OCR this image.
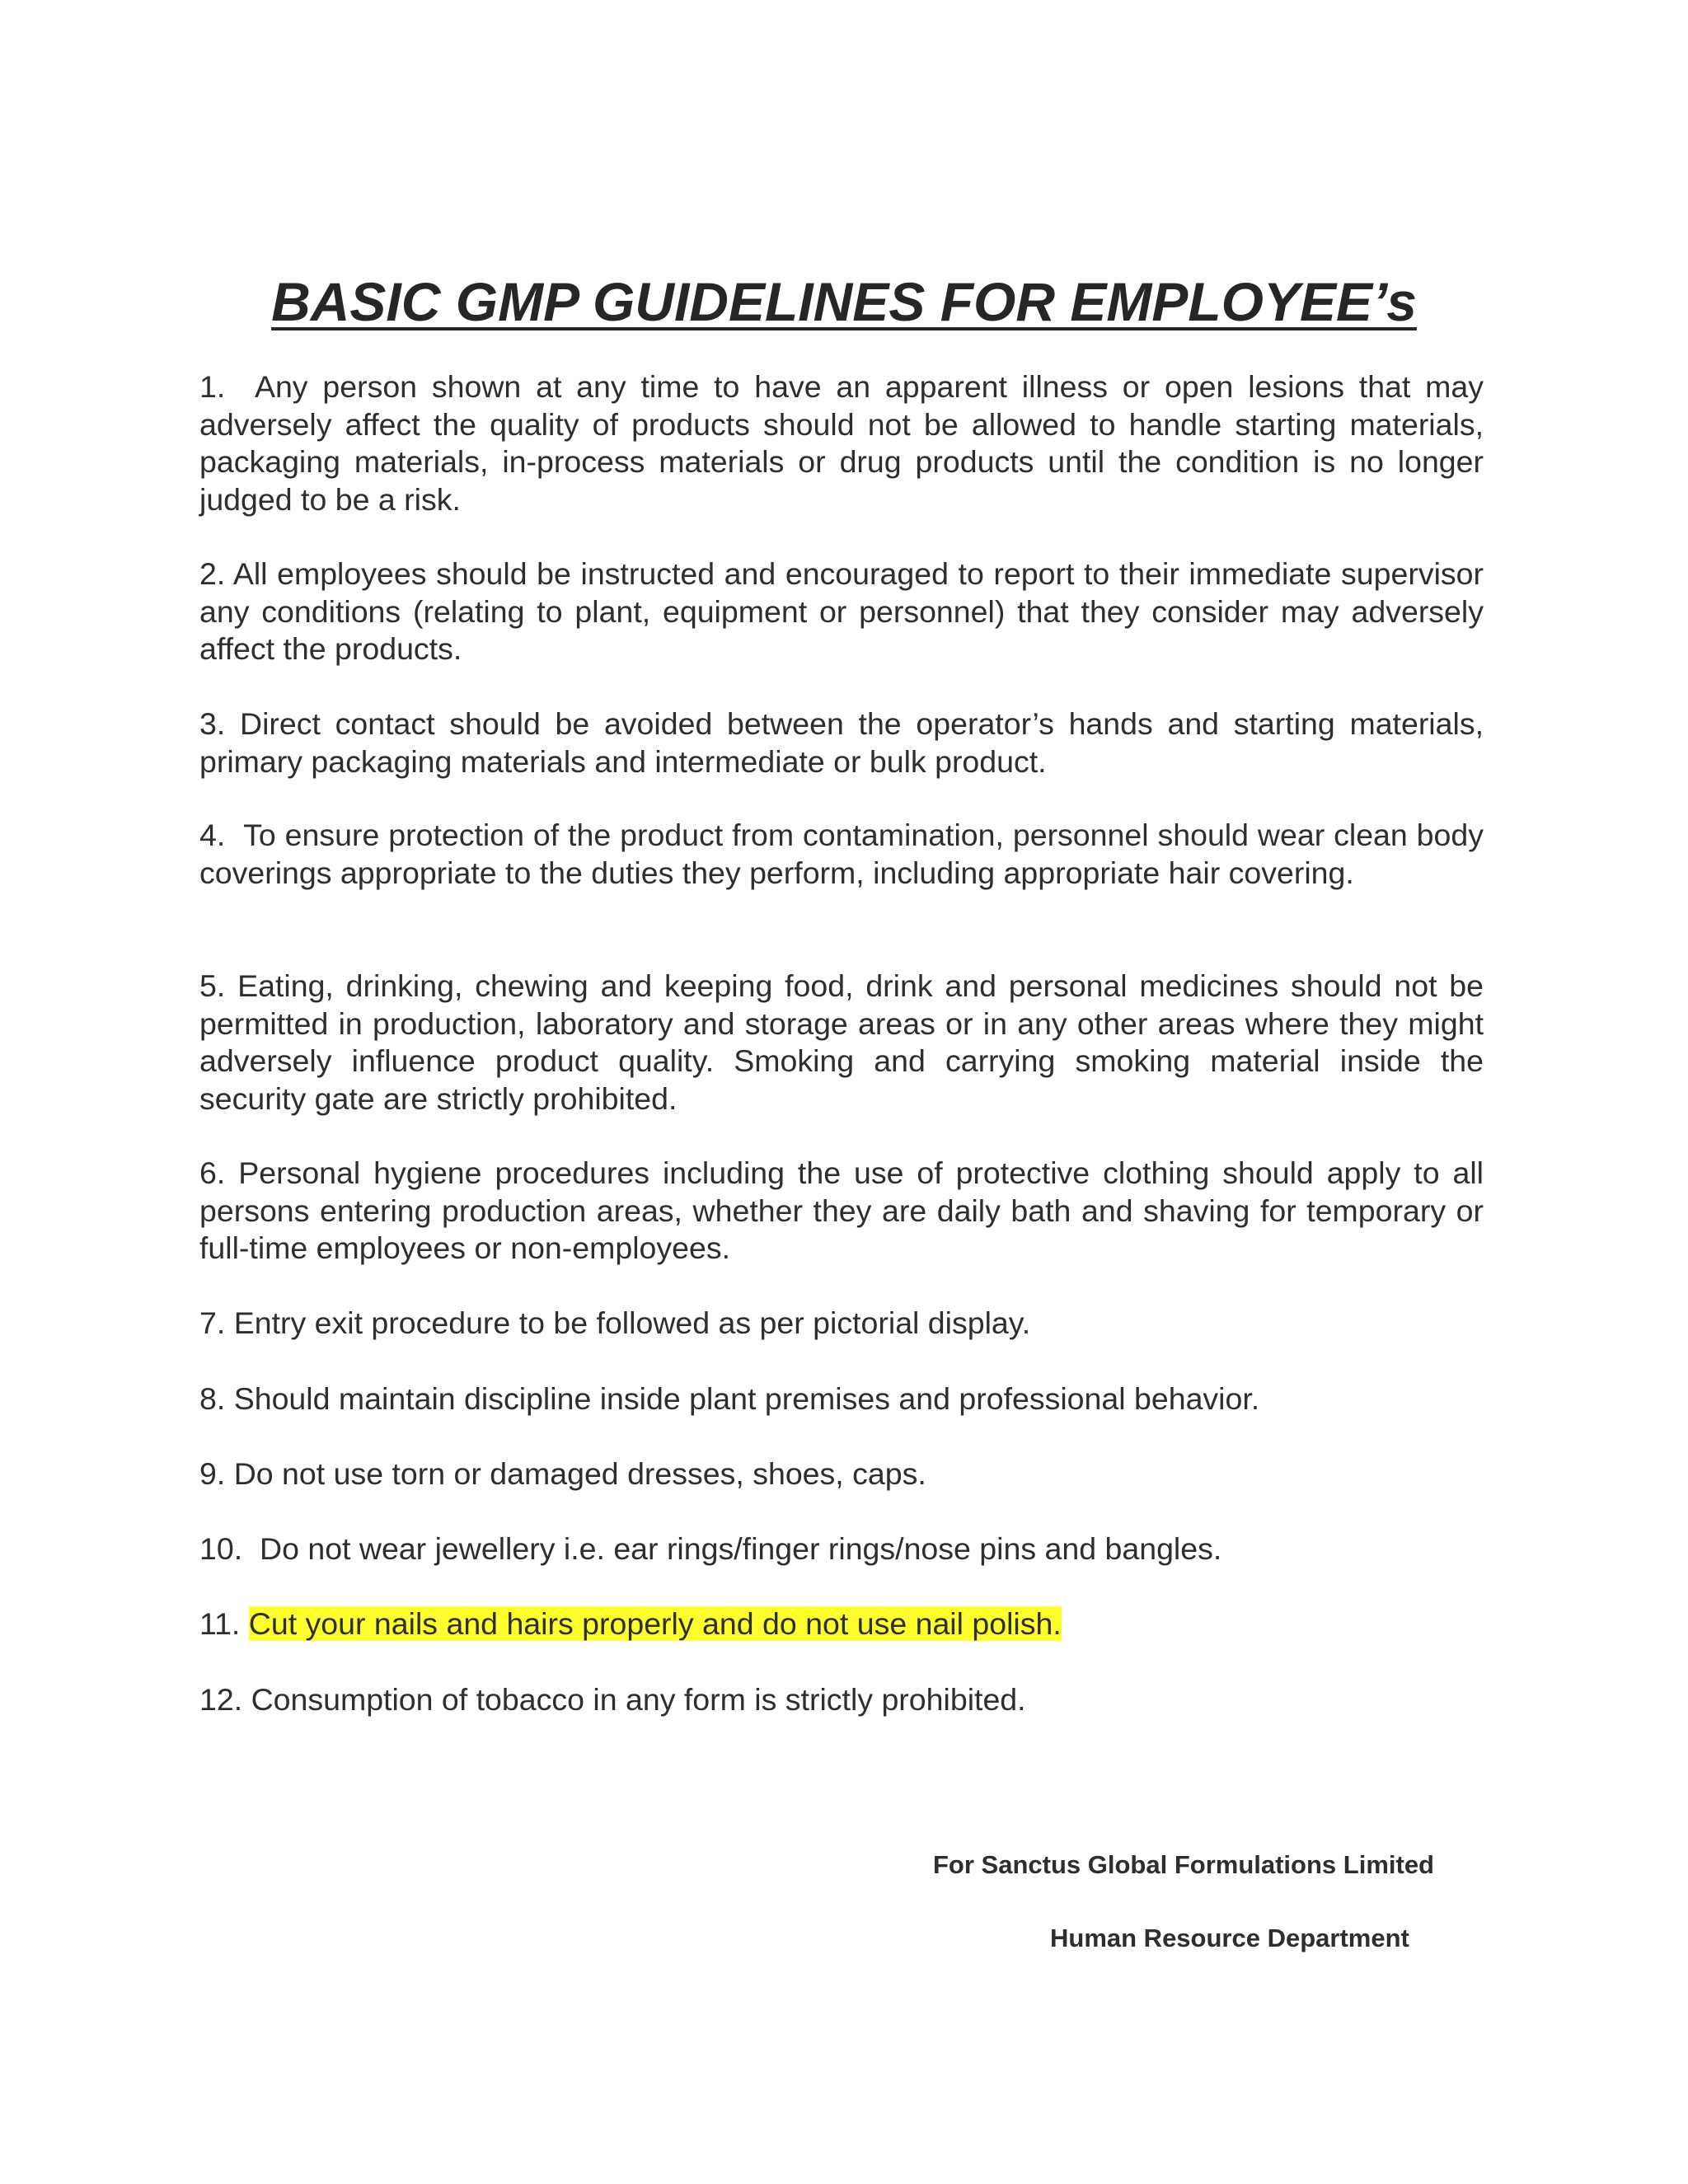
BASIC GMP GUIDELINES FOR EMPLOYEE’s

1. Any person shown at any time to have an apparent illness or open lesions that may adversely affect the quality of products should not be allowed to handle starting materials, packaging materials, in-process materials or drug products until the condition is no longer judged to be a risk.

2. All employees should be instructed and encouraged to report to their immediate supervisor any conditions (relating to plant, equipment or personnel) that they consider may adversely affect the products.

3. Direct contact should be avoided between the operator’s hands and starting materials, primary packaging materials and intermediate or bulk product.

4. To ensure protection of the product from contamination, personnel should wear clean body coverings appropriate to the duties they perform, including appropriate hair covering.

5. Eating, drinking, chewing and keeping food, drink and personal medicines should not be permitted in production, laboratory and storage areas or in any other areas where they might adversely influence product quality. Smoking and carrying smoking material inside the security gate are strictly prohibited.

6. Personal hygiene procedures including the use of protective clothing should apply to all persons entering production areas, whether they are daily bath and shaving for temporary or full-time employees or non-employees.

7. Entry exit procedure to be followed as per pictorial display.

8. Should maintain discipline inside plant premises and professional behavior.

9. Do not use torn or damaged dresses, shoes, caps.

10. Do not wear jewellery i.e. ear rings/finger rings/nose pins and bangles.

11. Cut your nails and hairs properly and do not use nail polish.

12. Consumption of tobacco in any form is strictly prohibited.

For Sanctus Global Formulations Limited
Human Resource Department
